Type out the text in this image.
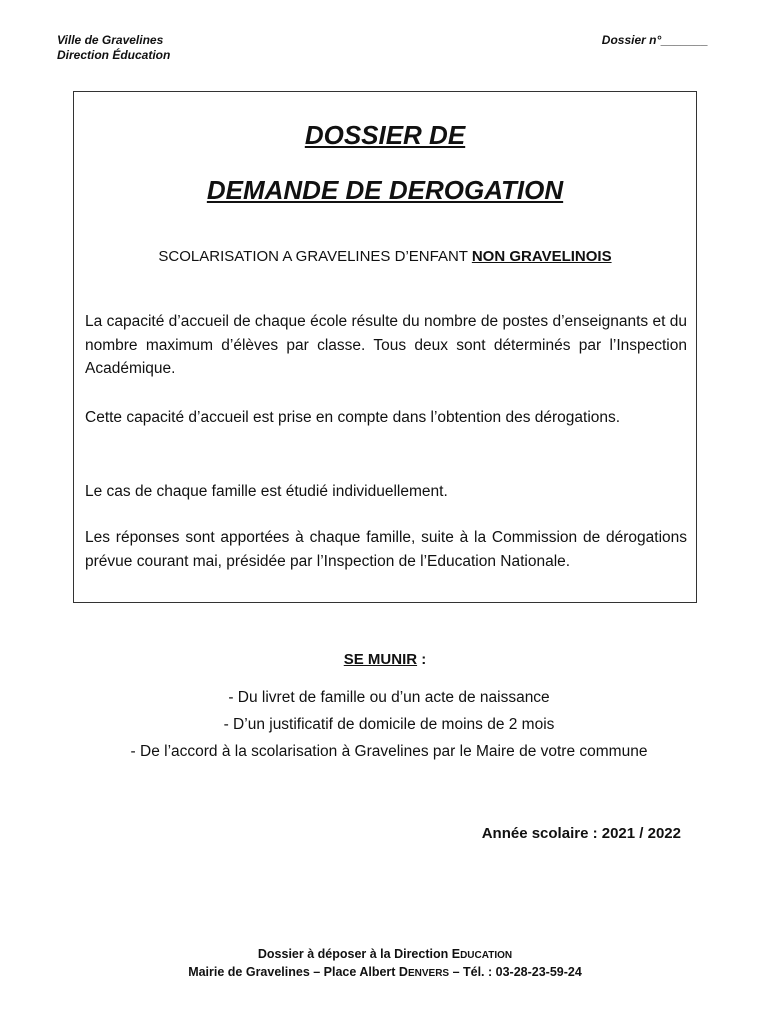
Ville de Gravelines
Direction Éducation
Dossier n°_______
DOSSIER DE
DEMANDE DE DEROGATION
SCOLARISATION A GRAVELINES D’ENFANT NON GRAVELINOIS
La capacité d’accueil de chaque école résulte du nombre de postes d’enseignants et du nombre maximum d’élèves par classe. Tous deux sont déterminés par l’Inspection Académique.
Cette capacité d’accueil est prise en compte dans l’obtention des dérogations.
Le cas de chaque famille est étudié individuellement.
Les réponses sont apportées à chaque famille, suite à la Commission de dérogations prévue courant mai, présidée par l’Inspection de l’Education Nationale.
SE MUNIR :
- Du livret de famille ou d’un acte de naissance
- D’un justificatif de domicile de moins de 2 mois
- De l’accord à la scolarisation à Gravelines par le Maire de votre commune
Année scolaire : 2021 / 2022
Dossier à déposer à la Direction EDUCATION
Mairie de Gravelines – Place Albert DENVERS – Tél. : 03-28-23-59-24
